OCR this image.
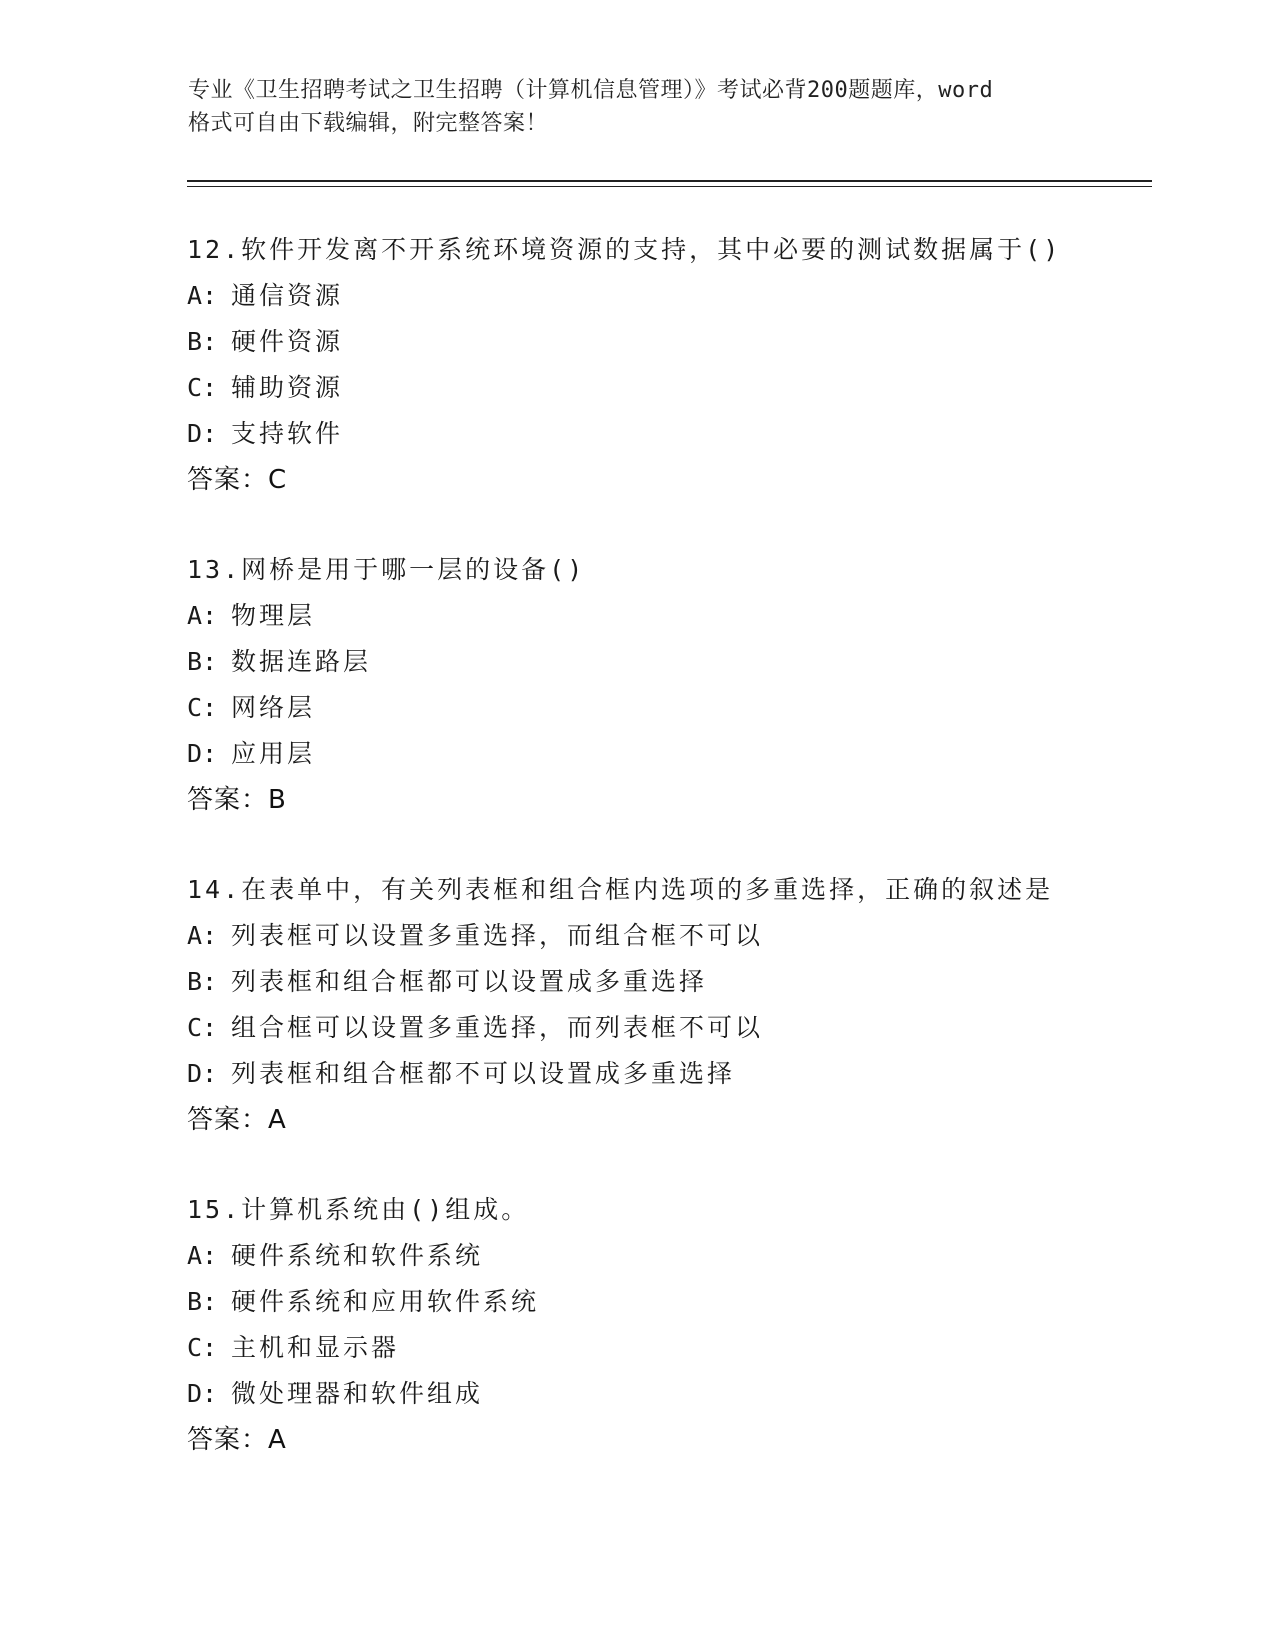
专业《卫生招聘考试之卫生招聘（计算机信息管理）》考试必背200题题库，word
格式可自由下载编辑，附完整答案！
12.软件开发离不开系统环境资源的支持，其中必要的测试数据属于()
A: 通信资源
B: 硬件资源
C: 辅助资源
D: 支持软件
答案：C
13.网桥是用于哪一层的设备()
A: 物理层
B: 数据连路层
C: 网络层
D: 应用层
答案：B
14.在表单中，有关列表框和组合框内选项的多重选择，正确的叙述是
A: 列表框可以设置多重选择，而组合框不可以
B: 列表框和组合框都可以设置成多重选择
C: 组合框可以设置多重选择，而列表框不可以
D: 列表框和组合框都不可以设置成多重选择
答案：A
15.计算机系统由()组成。
A: 硬件系统和软件系统
B: 硬件系统和应用软件系统
C: 主机和显示器
D: 微处理器和软件组成
答案：A
